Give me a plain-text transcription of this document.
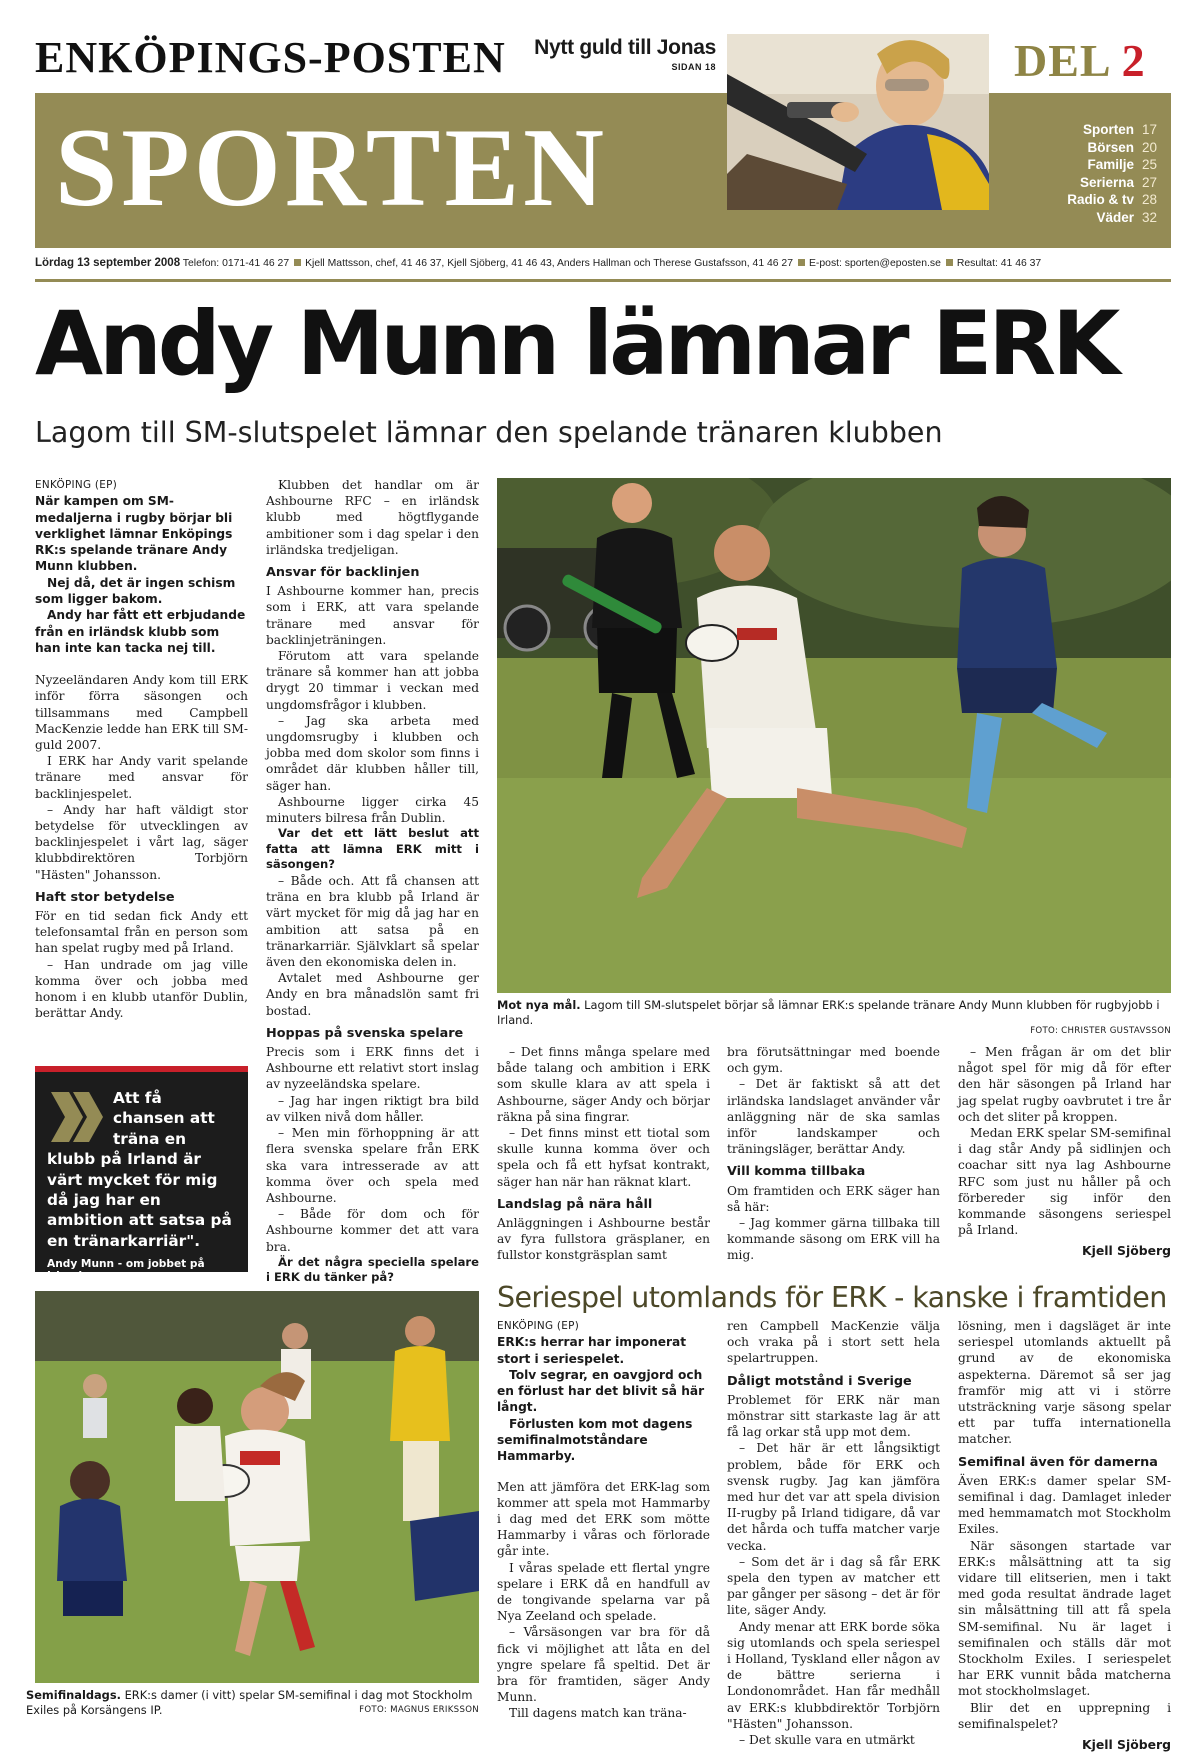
ENKÖPINGS-POSTEN	Nytt guld till Jonas
SIDAN 18	DEL 2
SPORTEN	Sporten 17
Börsen 20
Familje 25
Serierna 27
Radio & tv 28
Väder 32
Lördag 13 september 2008 Telefon: 0171-41 46 27 Kjell Mattsson, chef, 41 46 37, Kjell Sjöberg, 41 46 43, Anders Hallman och Therese Gustafsson, 41 46 27 E-post: sporten@eposten.se Resultat: 41 46 37
Andy Munn lämnar ERK
Lagom till SM-slutspelet lämnar den spelande tränaren klubben
ENKÖPING (EP)

När kampen om SM-medaljerna i rugby börjar bli verklighet lämnar Enköpings RK:s spelande tränare Andy Munn klubben.

Nej då, det är ingen schism som ligger bakom.

Andy har fått ett erbjudande från en irländsk klubb som han inte kan tacka nej till.

Nyzeeländaren Andy kom till ERK inför förra säsongen och tillsammans med Campbell MacKenzie ledde han ERK till SM-guld 2007.

I ERK har Andy varit spelande tränare med ansvar för backlinjespelet.

– Andy har haft väldigt stor betydelse för utvecklingen av backlinjespelet i vårt lag, säger klubbdirektören Torbjörn "Hästen" Johansson.

Haft stor betydelse

För en tid sedan fick Andy ett telefonsamtal från en person som han spelat rugby med på Irland.

– Han undrade om jag ville komma över och jobba med honom i en klubb utanför Dublin, berättar Andy.

Klubben det handlar om är Ashbourne RFC – en irländsk klubb med högtflygande ambitioner som i dag spelar i den irländska tredjeligan.

Ansvar för backlinjen

I Ashbourne kommer han, precis som i ERK, att vara spelande tränare med ansvar för backlinjeträningen.

Förutom att vara spelande tränare så kommer han att jobba drygt 20 timmar i veckan med ungdomsfrågor i klubben.

– Jag ska arbeta med ungdomsrugby i klubben och jobba med dom skolor som finns i området där klubben håller till, säger han.

Ashbourne ligger cirka 45 minuters bilresa från Dublin.

Var det ett lätt beslut att fatta att lämna ERK mitt i säsongen?

– Både och. Att få chansen att träna en bra klubb på Irland är värt mycket för mig då jag har en ambition att satsa på en tränarkarriär. Självklart så spelar även den ekonomiska delen in.

Avtalet med Ashbourne ger Andy en bra månadslön samt fri bostad.

Hoppas på svenska spelare

Precis som i ERK finns det i Ashbourne ett relativt stort inslag av nyzeeländska spelare.

– Jag har ingen riktigt bra bild av vilken nivå dom håller.

– Men min förhoppning är att flera svenska spelare från ERK ska vara intresserade av att komma över och spela med Ashbourne.

– Både för dom och för Ashbourne kommer det att vara bra.

Är det några speciella spelare i ERK du tänker på?

Mot nya mål. Lagom till SM-slutspelet börjar så lämnar ERK:s spelande tränare Andy Munn klubben för rugbyjobb i Irland.
FOTO: CHRISTER GUSTAVSSON

– Det finns många spelare med både talang och ambition i ERK som skulle klara av att spela i Ashbourne, säger Andy och börjar räkna på sina fingrar.

– Det finns minst ett tiotal som skulle kunna komma över och spela och få ett hyfsat kontrakt, säger han när han räknat klart.

Landslag på nära håll

Anläggningen i Ashbourne består av fyra fullstora gräsplaner, en fullstor konstgräsplan samt

bra förutsättningar med boende och gym.

– Det är faktiskt så att det irländska landslaget använder vår anläggning när de ska samlas inför landskamper och träningsläger, berättar Andy.

Vill komma tillbaka

Om framtiden och ERK säger han så här:

– Jag kommer gärna tillbaka till kommande säsong om ERK vill ha mig.

– Men frågan är om det blir något spel för mig då för efter den här säsongen på Irland har jag spelat rugby oavbrutet i tre år och det sliter på kroppen.

Medan ERK spelar SM-semifinal i dag står Andy på sidlinjen och coachar sitt nya lag Ashbourne RFC som just nu håller på och förbereder sig inför den kommande säsongens seriespel på Irland.

Kjell Sjöberg
Att få chansen att träna en klubb på Irland är värt mycket för mig då jag har en ambition att satsa på en tränarkarriär".
Andy Munn - om jobbet på Irland
Semifinaldags. ERK:s damer (i vitt) spelar SM-semifinal i dag mot Stockholm Exiles på Korsängens IP.	FOTO: MAGNUS ERIKSSON
Seriespel utomlands för ERK - kanske i framtiden
ENKÖPING (EP)

ERK:s herrar har imponerat stort i seriespelet.

Tolv segrar, en oavgjord och en förlust har det blivit så här långt.

Förlusten kom mot dagens semifinalmotståndare Hammarby.

Men att jämföra det ERK-lag som kommer att spela mot Hammarby i dag med det ERK som mötte Hammarby i våras och förlorade går inte.

I våras spelade ett flertal yngre spelare i ERK då en handfull av de tongivande spelarna var på Nya Zeeland och spelade.

– Vårsäsongen var bra för då fick vi möjlighet att låta en del yngre spelare få speltid. Det är bra för framtiden, säger Andy Munn.

Till dagens match kan träna-

ren Campbell MacKenzie välja och vraka på i stort sett hela spelartruppen.

Dåligt motstånd i Sverige

Problemet för ERK när man mönstrar sitt starkaste lag är att få lag orkar stå upp mot dem.

– Det här är ett långsiktigt problem, både för ERK och svensk rugby. Jag kan jämföra med hur det var att spela division II-rugby på Irland tidigare, då var det hårda och tuffa matcher varje vecka.

– Som det är i dag så får ERK spela den typen av matcher ett par gånger per säsong – det är för lite, säger Andy.

Andy menar att ERK borde söka sig utomlands och spela seriespel i Holland, Tyskland eller någon av de bättre serierna i Londonområdet. Han får medhåll av ERK:s klubbdirektör Torbjörn "Hästen" Johansson.

– Det skulle vara en utmärkt

lösning, men i dagsläget är inte seriespel utomlands aktuellt på grund av de ekonomiska aspekterna. Däremot så ser jag framför mig att vi i större utsträckning varje säsong spelar ett par tuffa internationella matcher.

Semifinal även för damerna

Även ERK:s damer spelar SM-semifinal i dag. Damlaget inleder med hemmamatch mot Stockholm Exiles.

När säsongen startade var ERK:s målsättning att ta sig vidare till elitserien, men i takt med goda resultat ändrade laget sin målsättning till att få spela SM-semifinal. Nu är laget i semifinalen och ställs där mot Stockholm Exiles. I seriespelet har ERK vunnit båda matcherna mot stockholmslaget.

Blir det en upprepning i semifinalspelet?

Kjell Sjöberg
